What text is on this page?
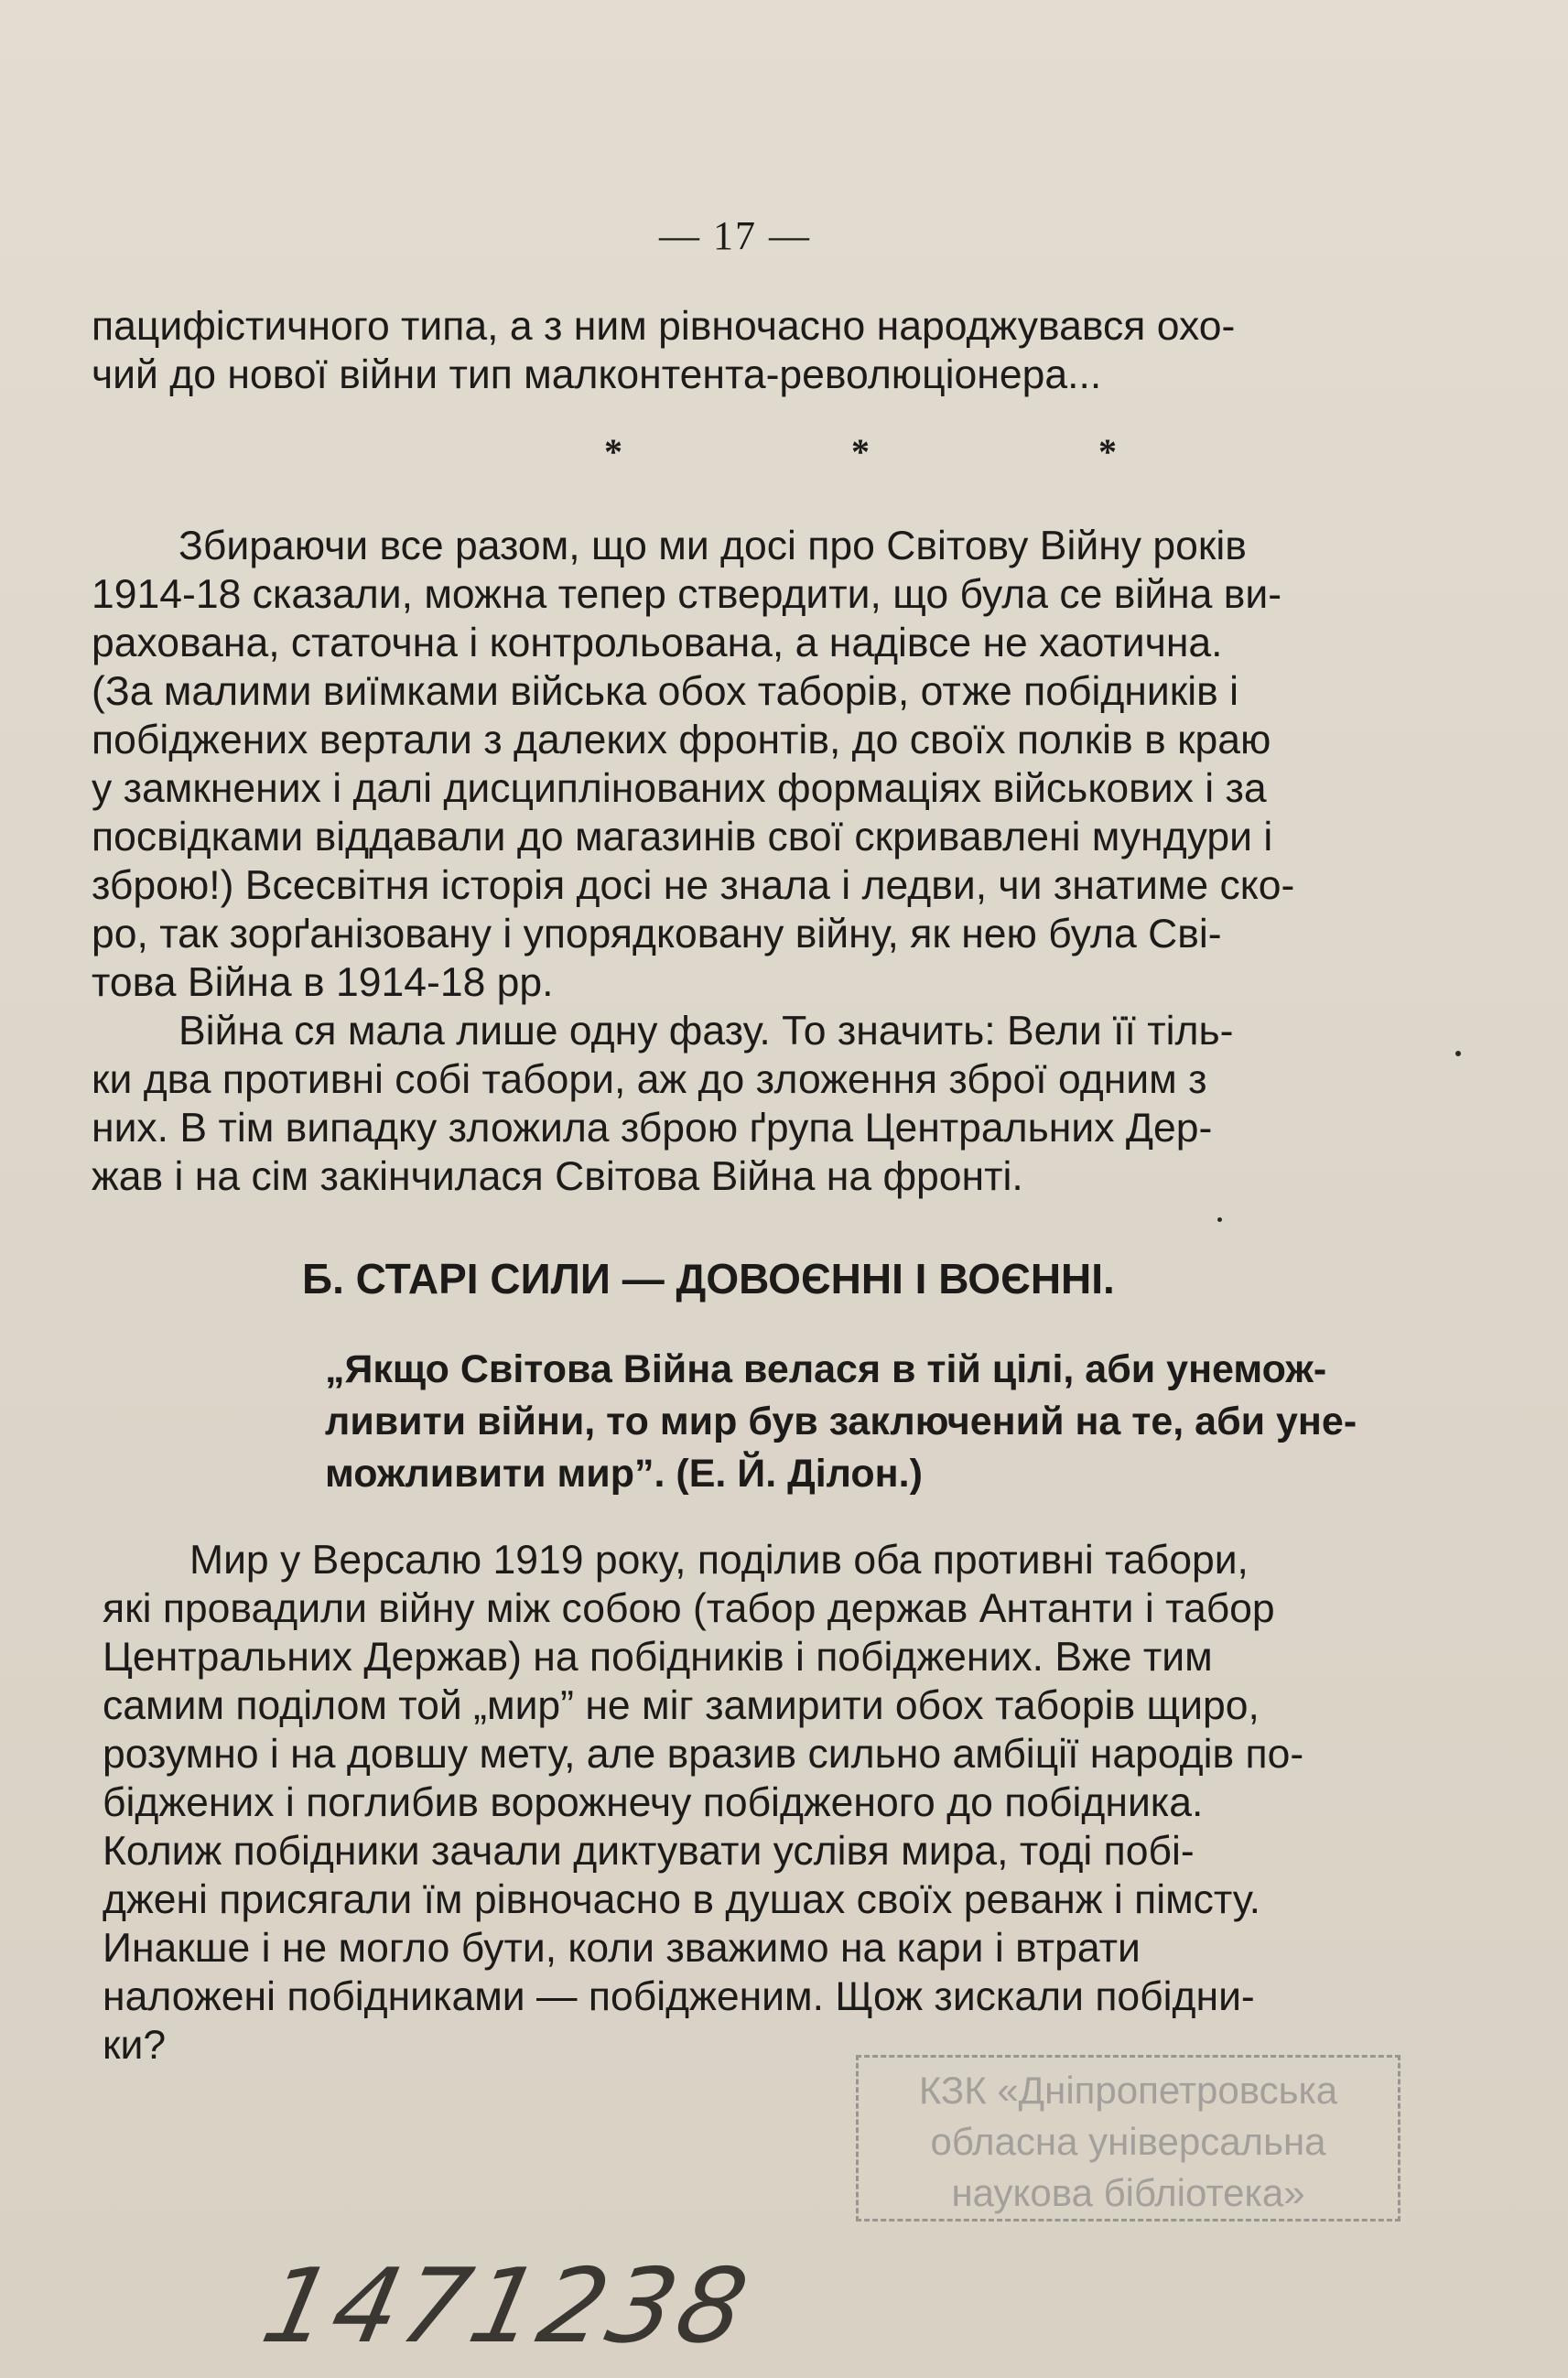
— 17 —
пацифістичного типа, а з ним рівночасно народжувався охо-
чий до нової війни тип малконтента-революціонера...
* * *
Збираючи все разом, що ми досі про Світову Війну років
1914-18 сказали, можна тепер ствердити, що була се війна ви-
рахована, статочна і контрольована, а надівсе не хаотична.
(За малими виїмками війська обох таборів, отже побідників і
побіджених вертали з далеких фронтів, до своїх полків в краю
у замкнених і далі дисциплінованих формаціях військових і за
посвідками віддавали до магазинів свої скривавлені мундури і
зброю!) Всесвітня історія досі не знала і ледви, чи знатиме ско-
ро, так зорґанізовану і упорядковану війну, як нею була Сві-
това Війна в 1914-18 рр.
Війна ся мала лише одну фазу. То значить: Вели її тіль-
ки два противні собі табори, аж до зложення зброї одним з
них. В тім випадку зложила зброю ґрупа Центральних Дер-
жав і на сім закінчилася Світова Війна на фронті.
Б. СТАРІ СИЛИ — ДОВОЄННІ І ВОЄННІ.
„Якщо Світова Війна велася в тій цілі, аби унемож-
ливити війни, то мир був заключений на те, аби уне-
можливити мир”. (Е. Й. Ділон.)
Мир у Версалю 1919 року, поділив оба противні табори,
які провадили війну між собою (табор держав Антанти і табор
Центральних Держав) на побідників і побіджених. Вже тим
самим поділом той „мир” не міг замирити обох таборів щиро,
розумно і на довшу мету, але вразив сильно амбіції народів по-
біджених і поглибив ворожнечу побідженого до побідника.
Колиж побідники зачали диктувати услівя мира, тоді побі-
джені присягали їм рівночасно в душах своїх реванж і пімсту.
Инакше і не могло бути, коли зважимо на кари і втрати
наложені побідниками — побідженим. Щож зискали побідни-
ки?
КЗК «Дніпропетровська
обласна універсальна
наукова бібліотека»
1471238
